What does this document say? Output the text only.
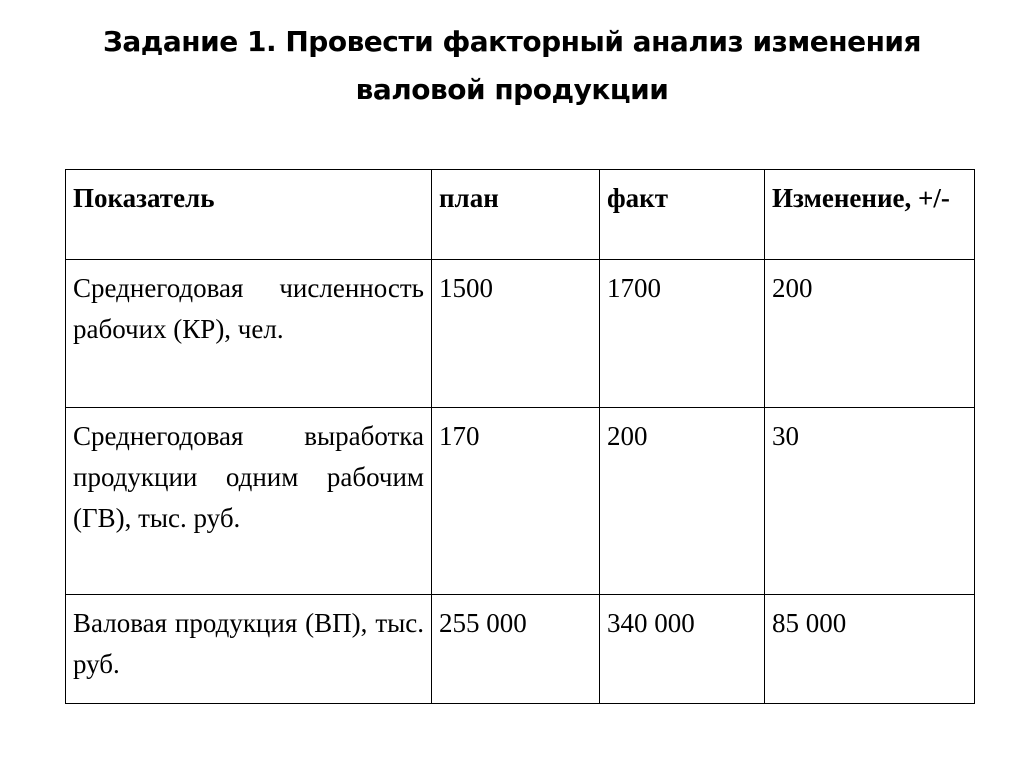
Задание 1. Провести факторный анализ изменения
валовой продукции
Показатель	план	факт	Изменение, +/-
Среднегодовая численность рабочих (КР), чел.	1500	1700	200
Среднегодовая выработка продукции одним рабочим (ГВ), тыс. руб.	170	200	30
Валовая продукция (ВП), тыс. руб.	255 000	340 000	85 000
